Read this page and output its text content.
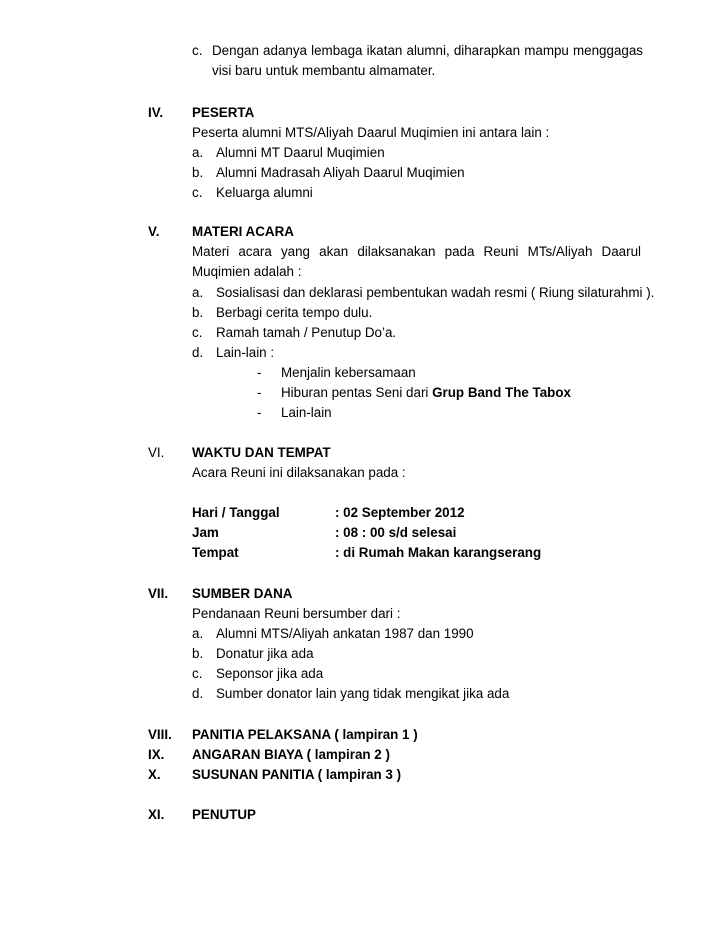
c. Dengan adanya lembaga ikatan alumni, diharapkan mampu menggagas
visi baru untuk membantu almamater.
IV. PESERTA
Peserta alumni MTS/Aliyah Daarul Muqimien ini antara lain :
a. Alumni MT Daarul Muqimien
b. Alumni Madrasah Aliyah Daarul Muqimien
c. Keluarga alumni
V. MATERI ACARA
Materi acara yang akan dilaksanakan pada Reuni MTs/Aliyah Daarul
Muqimien adalah :
a. Sosialisasi dan deklarasi pembentukan wadah resmi ( Riung silaturahmi ).
b. Berbagi cerita tempo dulu.
c. Ramah tamah / Penutup Do’a.
d. Lain-lain :
- Menjalin kebersamaan
- Hiburan pentas Seni dari Grup Band The Tabox
- Lain-lain
VI. WAKTU DAN TEMPAT
Acara Reuni ini dilaksanakan pada :
Hari / Tanggal	: 02 September 2012
Jam	: 08 : 00 s/d selesai
Tempat	: di Rumah Makan karangserang
VII. SUMBER DANA
Pendanaan Reuni bersumber dari :
a. Alumni MTS/Aliyah ankatan 1987 dan 1990
b. Donatur jika ada
c. Seponsor jika ada
d. Sumber donator lain yang tidak mengikat jika ada
VIII. PANITIA PELAKSANA ( lampiran 1 )
IX. ANGARAN BIAYA ( lampiran 2 )
X. SUSUNAN PANITIA ( lampiran 3 )
XI. PENUTUP
